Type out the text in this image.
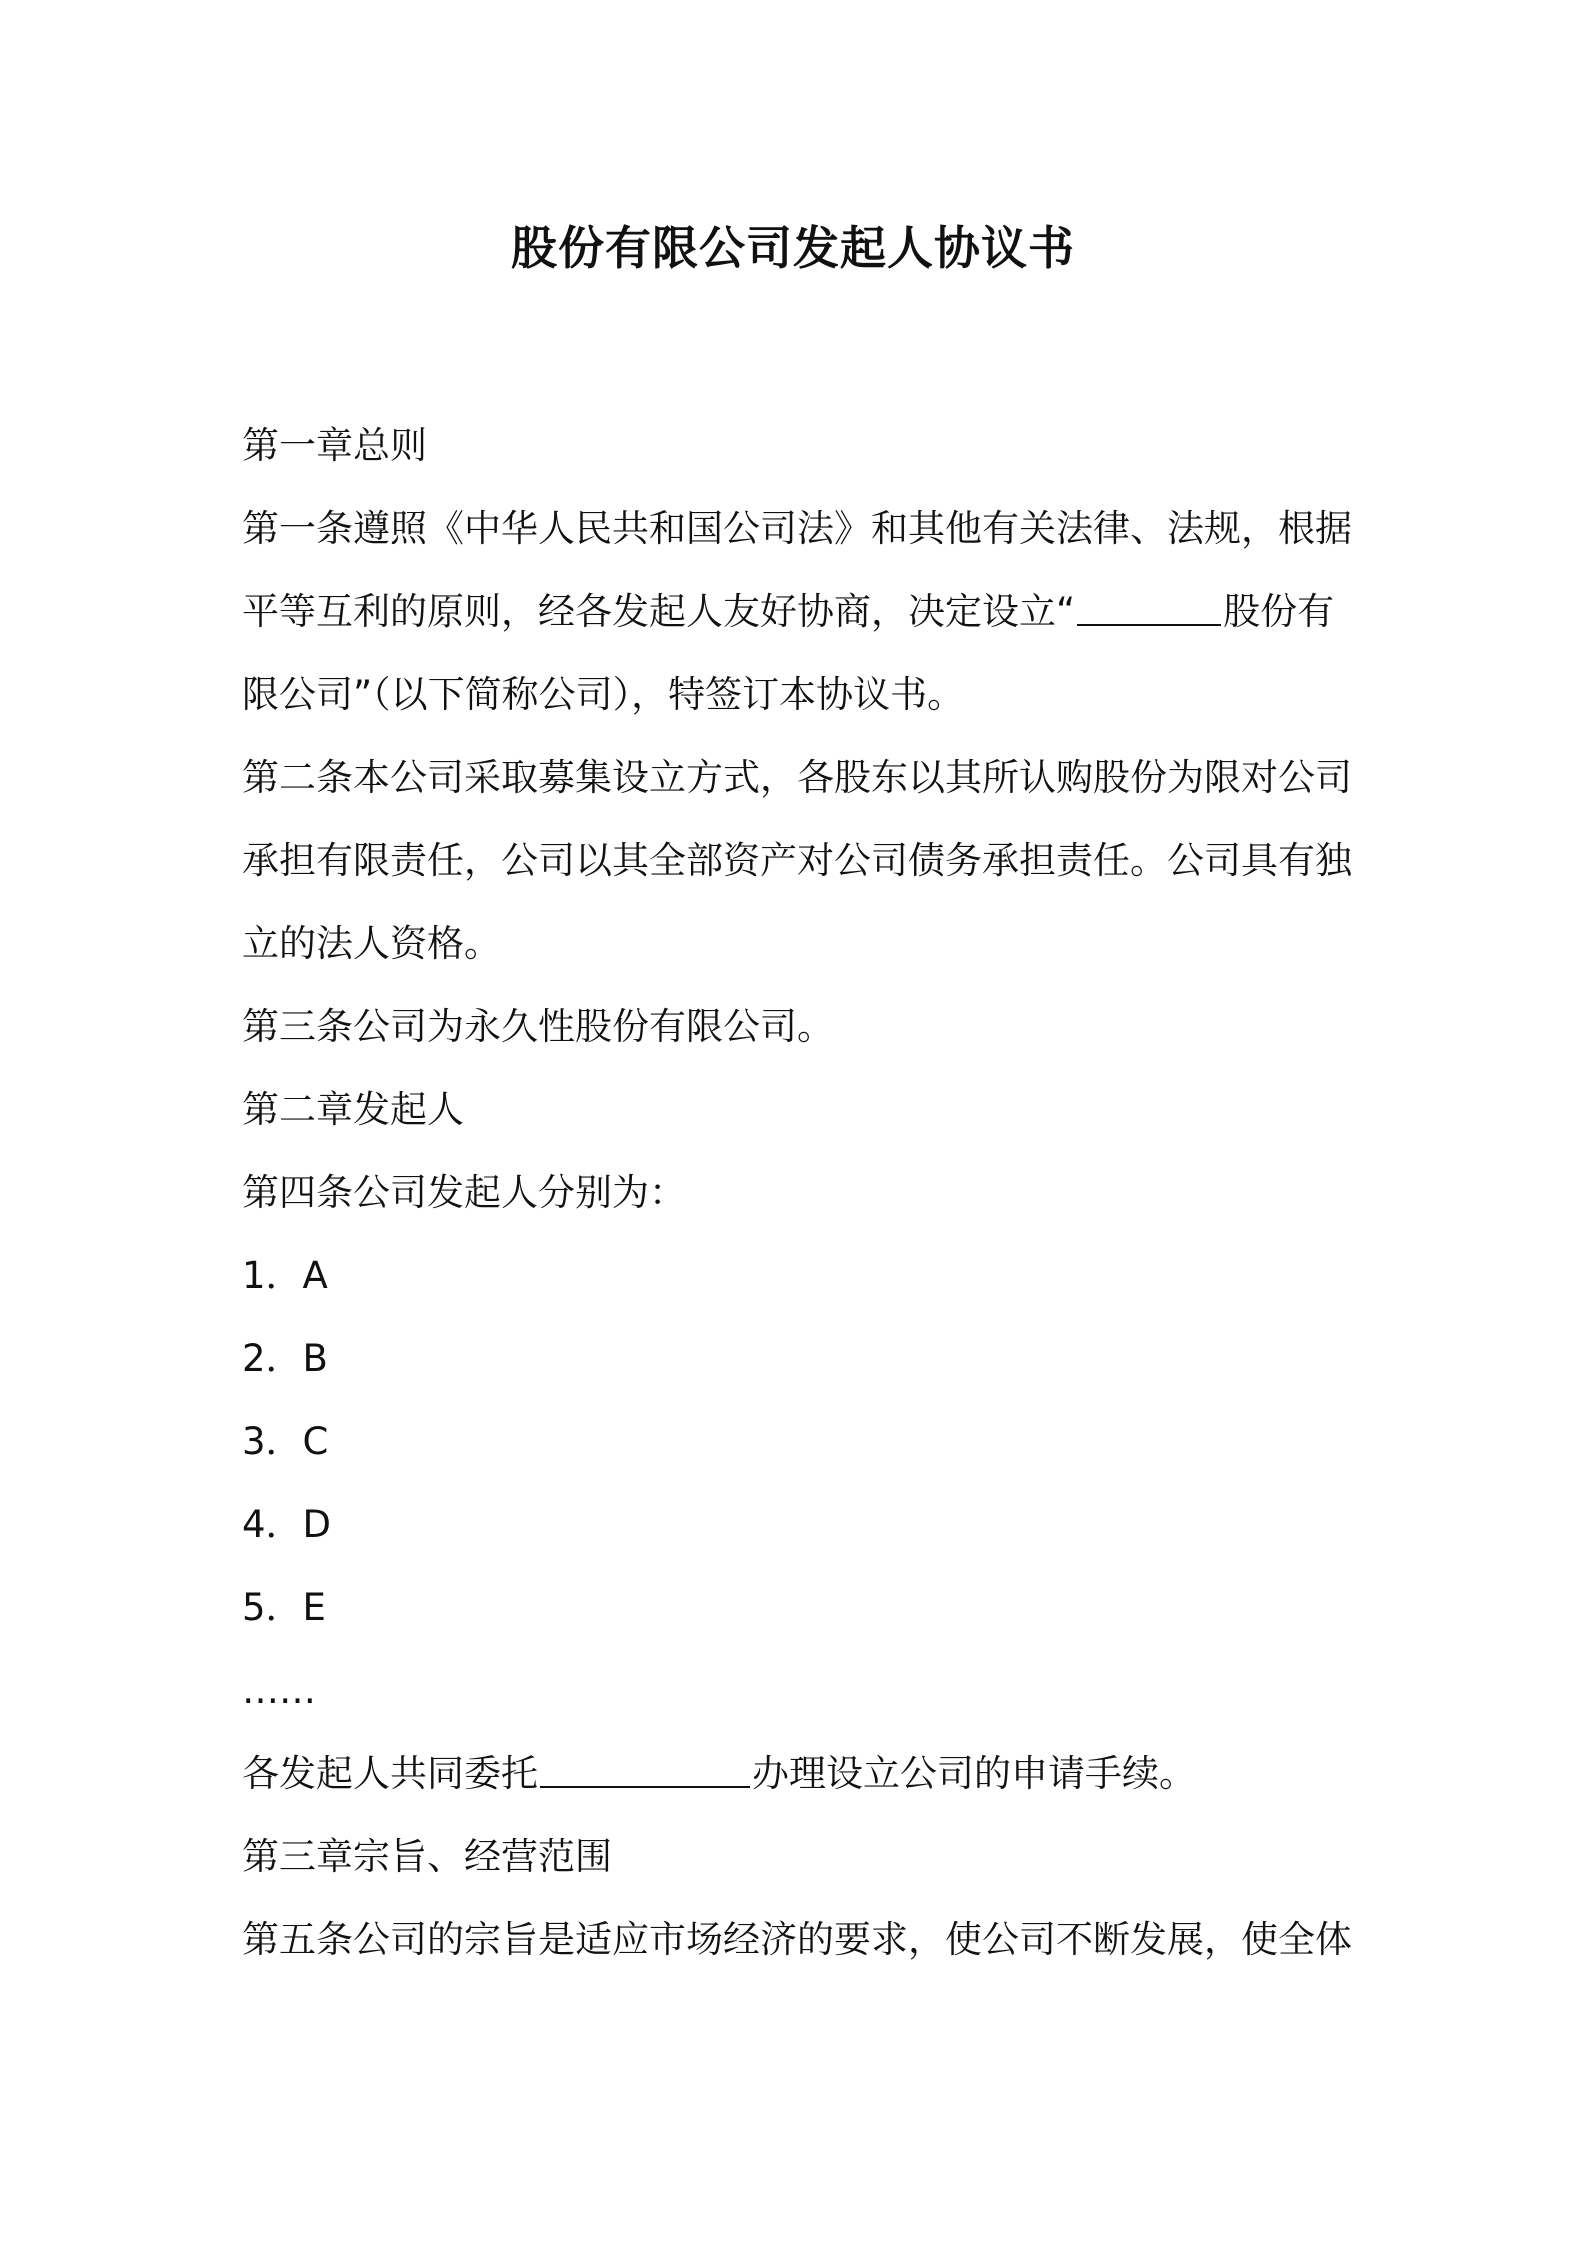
股份有限公司发起人协议书

第一章总则

第一条遵照《中华人民共和国公司法》和其他有关法律、法规，根据

平等互利的原则，经各发起人友好协商，决定设立“	股份有

限公司”（以下简称公司），特签订本协议书。

第二条本公司采取募集设立方式，各股东以其所认购股份为限对公司

承担有限责任，公司以其全部资产对公司债务承担责任。公司具有独

立的法人资格。

第三条公司为永久性股份有限公司。

第二章发起人

第四条公司发起人分别为：

1．A

2．B

3．C

4．D

5．E

……

各发起人共同委托	办理设立公司的申请手续。

第三章宗旨、经营范围

第五条公司的宗旨是适应市场经济的要求，使公司不断发展，使全体
